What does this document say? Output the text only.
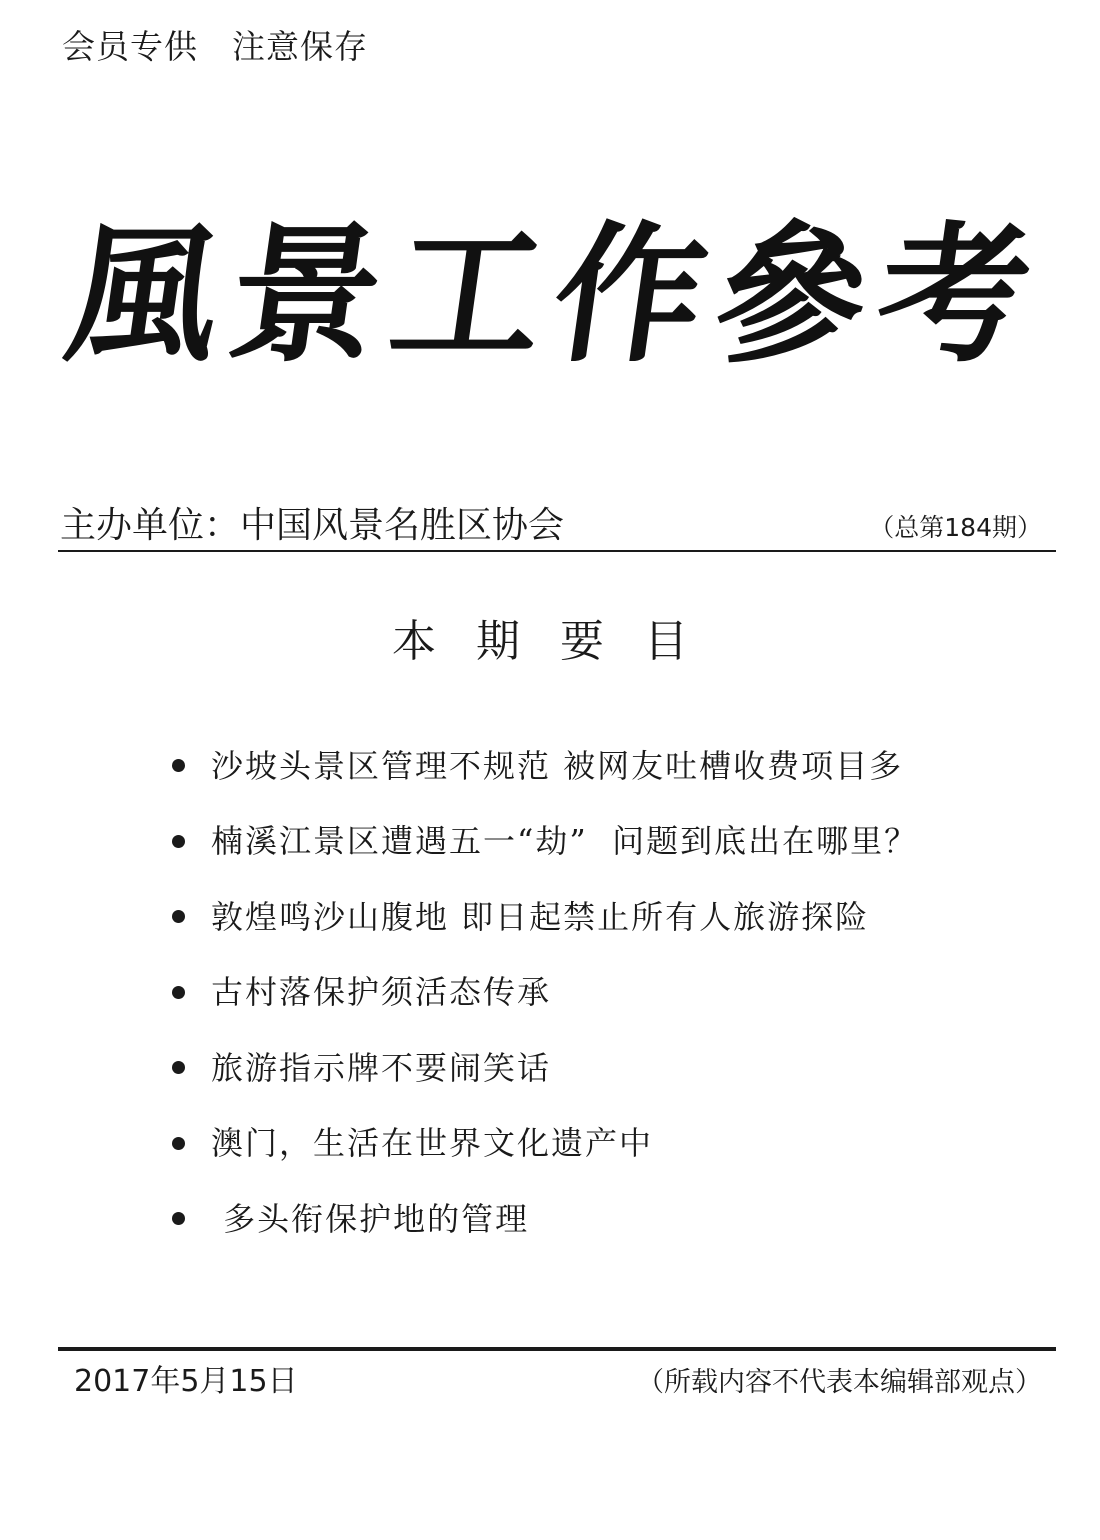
会员专供　注意保存
風景工作參考
主办单位：中国风景名胜区协会	（总第184期）
本期要目
沙坡头景区管理不规范 被网友吐槽收费项目多
楠溪江景区遭遇五一“劫”  问题到底出在哪里？
敦煌鸣沙山腹地 即日起禁止所有人旅游探险
古村落保护须活态传承
旅游指示牌不要闹笑话
澳门，生活在世界文化遗产中
多头衔保护地的管理
2017年5月15日	（所载内容不代表本编辑部观点）
